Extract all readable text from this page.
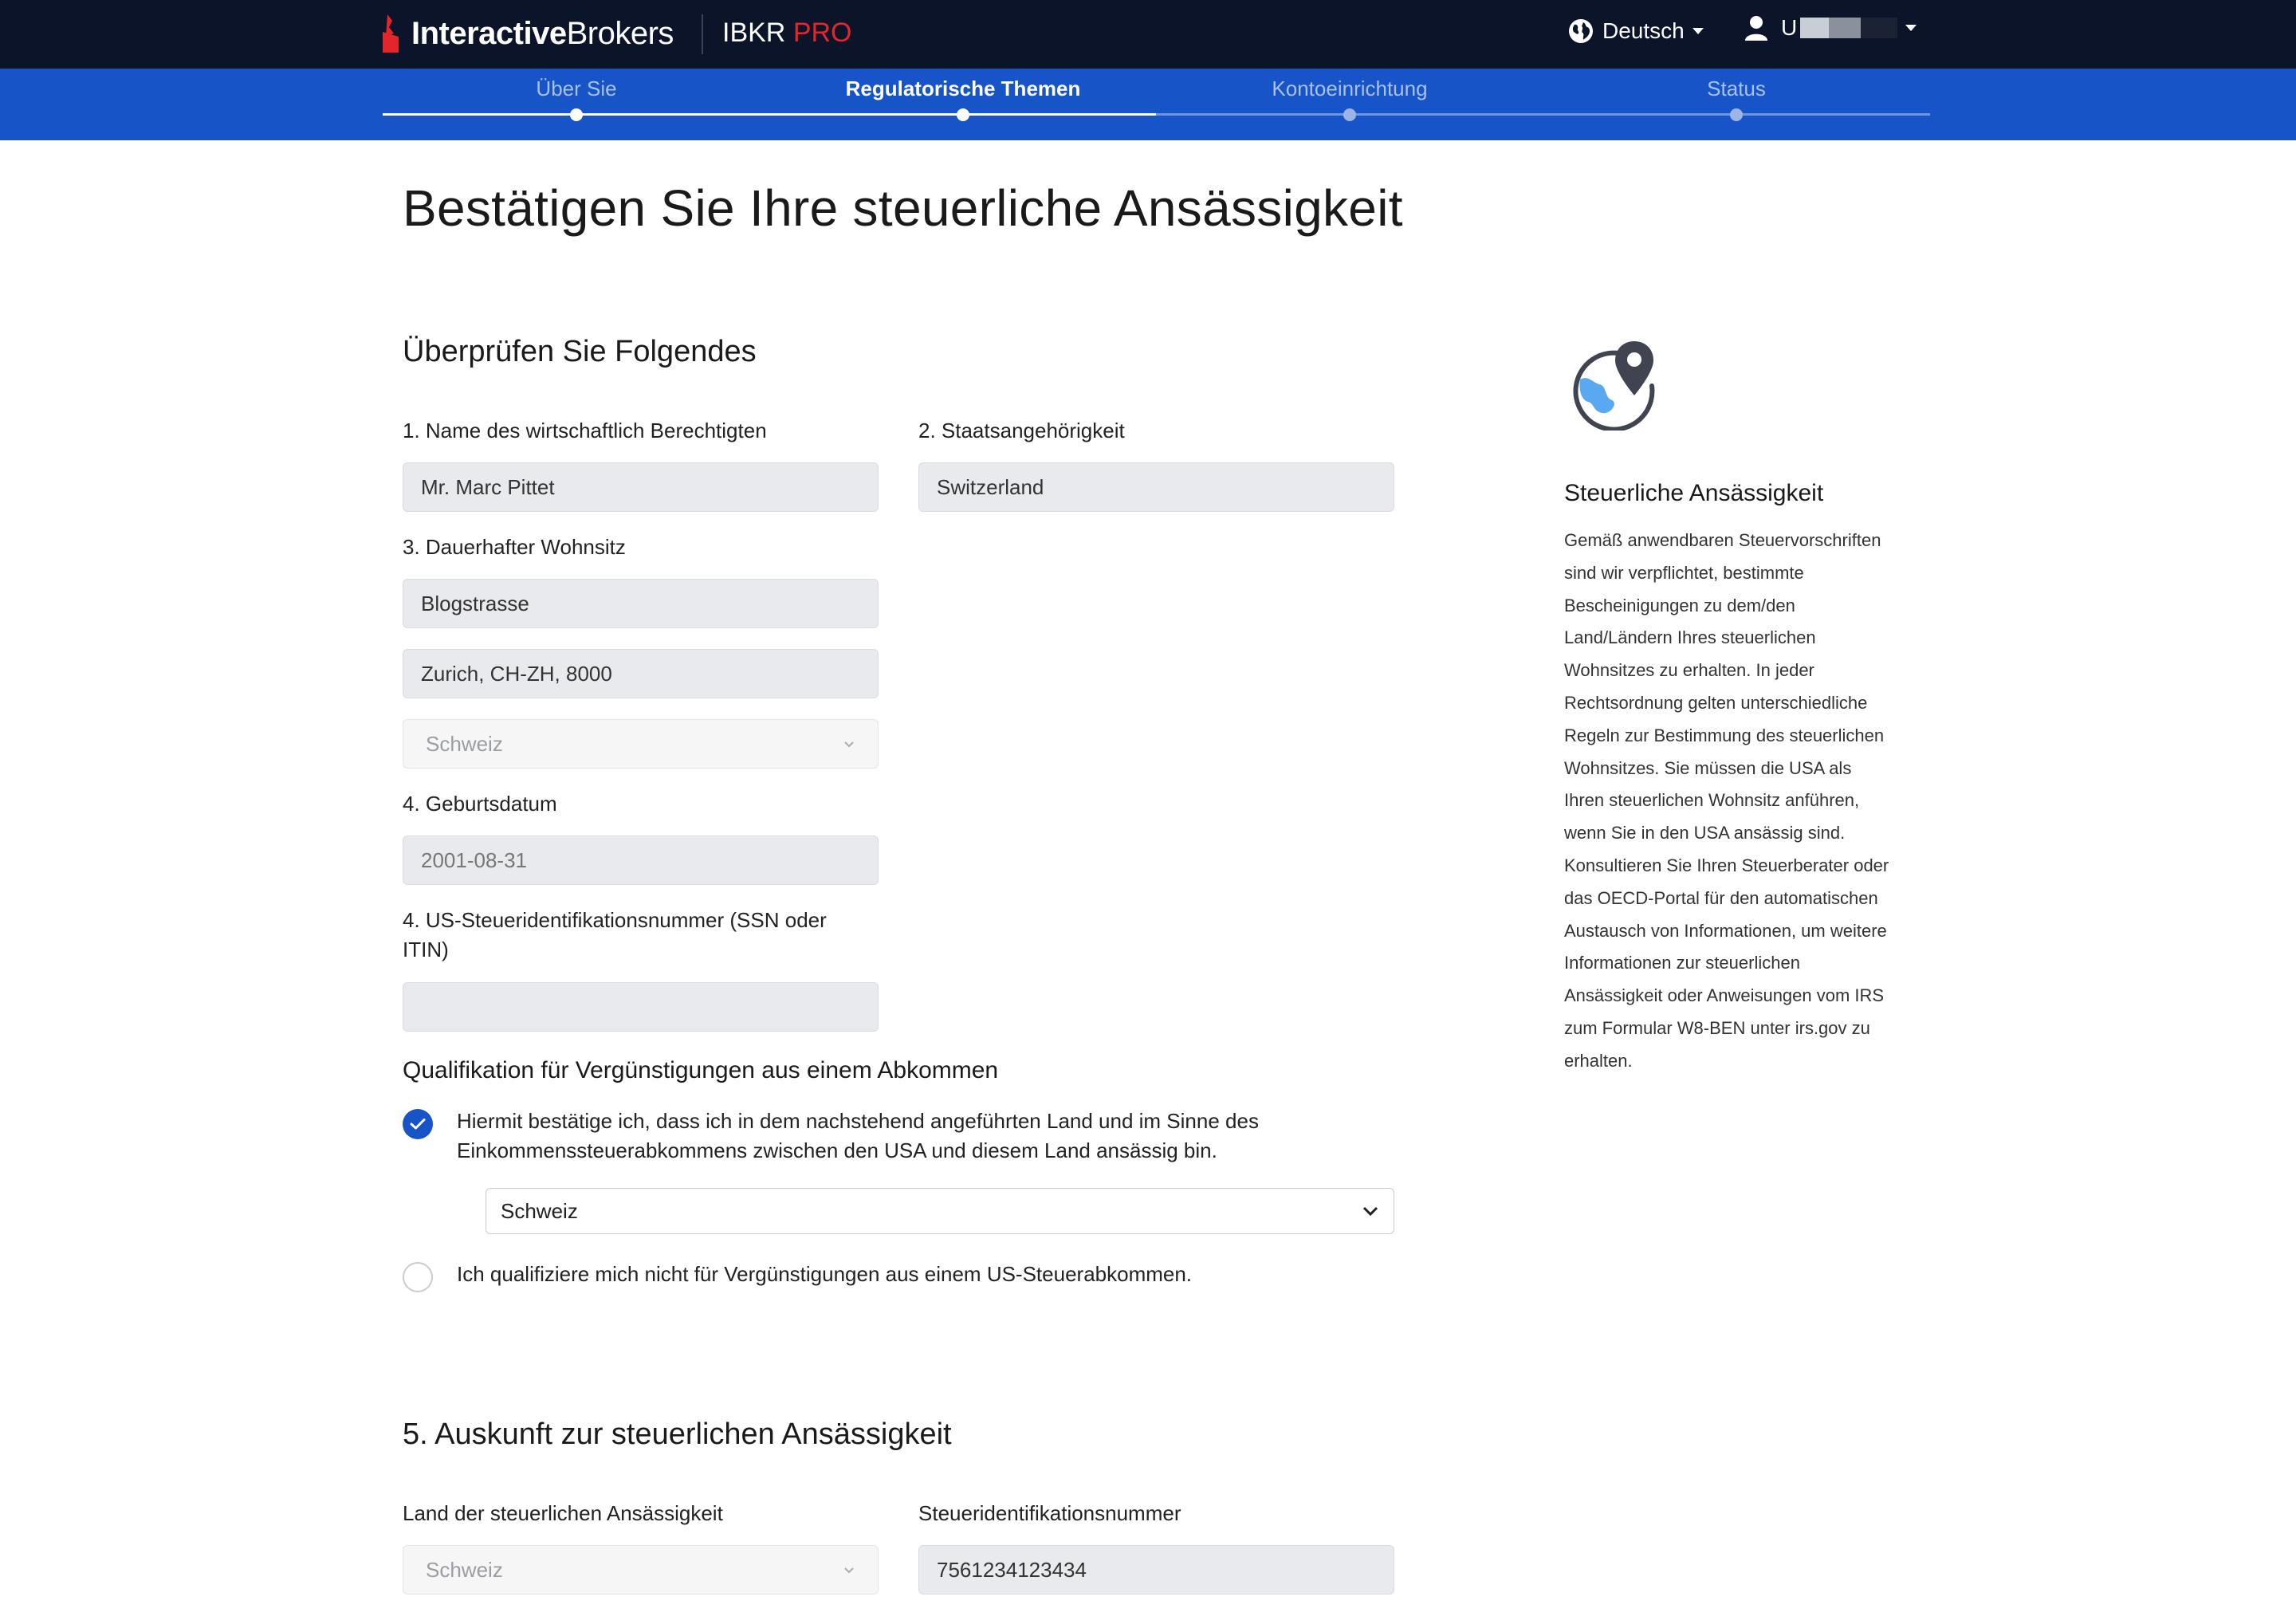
InteractiveBrokers IBKR PRO	Deutsch	U
Über Sie	Regulatorische Themen	Kontoeinrichtung	Status
Bestätigen Sie Ihre steuerliche Ansässigkeit
Überprüfen Sie Folgendes
1. Name des wirtschaftlich Berechtigten
Mr. Marc Pittet
2. Staatsangehörigkeit
Switzerland
3. Dauerhafter Wohnsitz
Blogstrasse
Zurich, CH-ZH, 8000
Schweiz
4. Geburtsdatum
2001-08-31
4. US-Steueridentifikationsnummer (SSN oder
ITIN)
Qualifikation für Vergünstigungen aus einem Abkommen
Hiermit bestätige ich, dass ich in dem nachstehend angeführten Land und im Sinne des
Einkommenssteuerabkommens zwischen den USA und diesem Land ansässig bin.
Schweiz
Ich qualifiziere mich nicht für Vergünstigungen aus einem US-Steuerabkommen.
5. Auskunft zur steuerlichen Ansässigkeit
Land der steuerlichen Ansässigkeit
Schweiz
Steueridentifikationsnummer
7561234123434
Steuerliche Ansässigkeit
Gemäß anwendbaren Steuervorschriften
sind wir verpflichtet, bestimmte
Bescheinigungen zu dem/den
Land/Ländern Ihres steuerlichen
Wohnsitzes zu erhalten. In jeder
Rechtsordnung gelten unterschiedliche
Regeln zur Bestimmung des steuerlichen
Wohnsitzes. Sie müssen die USA als
Ihren steuerlichen Wohnsitz anführen,
wenn Sie in den USA ansässig sind.
Konsultieren Sie Ihren Steuerberater oder
das OECD-Portal für den automatischen
Austausch von Informationen, um weitere
Informationen zur steuerlichen
Ansässigkeit oder Anweisungen vom IRS
zum Formular W8-BEN unter irs.gov zu
erhalten.
